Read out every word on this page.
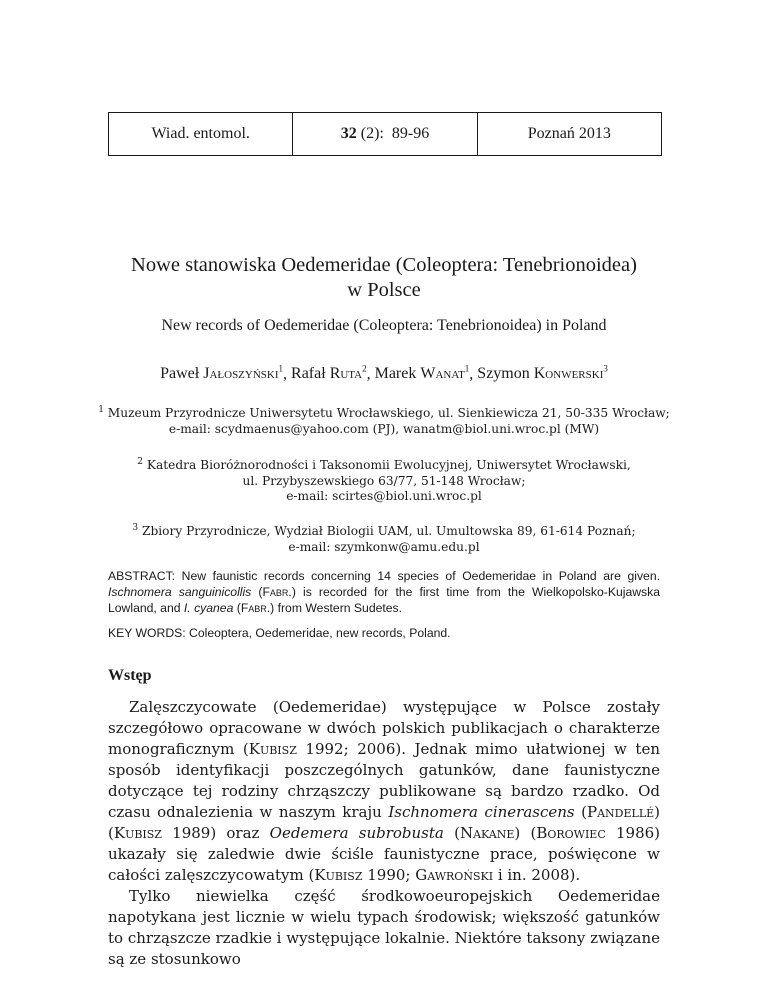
Wiad. entomol.	32 (2):  89-96	Poznań 2013
Nowe stanowiska Oedemeridae (Coleoptera: Tenebrionoidea)
w Polsce
New records of Oedemeridae (Coleoptera: Tenebrionoidea) in Poland
Paweł Jałoszyński$^1$, Rafał Ruta$^2$, Marek Wanat$^1$, Szymon Konwerski$^3$
$^1$ Muzeum Przyrodnicze Uniwersytetu Wrocławskiego, ul. Sienkiewicza 21, 50-335 Wrocław;
e-mail: scydmaenus@yahoo.com (PJ), wanatm@biol.uni.wroc.pl (MW)
$^2$ Katedra Bioróżnorodności i Taksonomii Ewolucyjnej, Uniwersytet Wrocławski,
ul. Przybyszewskiego 63/77, 51-148 Wrocław;
e-mail: scirtes@biol.uni.wroc.pl
$^3$ Zbiory Przyrodnicze, Wydział Biologii UAM, ul. Umultowska 89, 61-614 Poznań;
e-mail: szymkonw@amu.edu.pl
ABSTRACT: New faunistic records concerning 14 species of Oedemeridae in Poland are given. Ischnomera sanguinicollis (Fabr.) is recorded for the first time from the Wielkopolsko-Kujawska Lowland, and I. cyanea (Fabr.) from Western Sudetes.
KEY WORDS: Coleoptera, Oedemeridae, new records, Poland.
Wstęp

Zalęszczycowate (Oedemeridae) występujące w Polsce zostały szczegółowo opracowane w dwóch polskich publikacjach o charakterze monograficznym (Kubisz 1992; 2006). Jednak mimo ułatwionej w ten sposób identyfikacji poszczególnych gatunków, dane faunistyczne dotyczące tej rodziny chrząszczy publikowane są bardzo rzadko. Od czasu odnalezienia w naszym kraju Ischnomera cinerascens (Pandellé) (Kubisz 1989) oraz Oedemera subrobusta (Nakane) (Borowiec 1986) ukazały się zaledwie dwie ściśle faunistyczne prace, poświęcone w całości zalęszczycowatym (Kubisz 1990; Gawroński i in. 2008).

Tylko niewielka część środkowoeuropejskich Oedemeridae napotykana jest licznie w wielu typach środowisk; większość gatunków to chrząszcze rzadkie i występujące lokalnie. Niektóre taksony związane są ze stosunkowo
